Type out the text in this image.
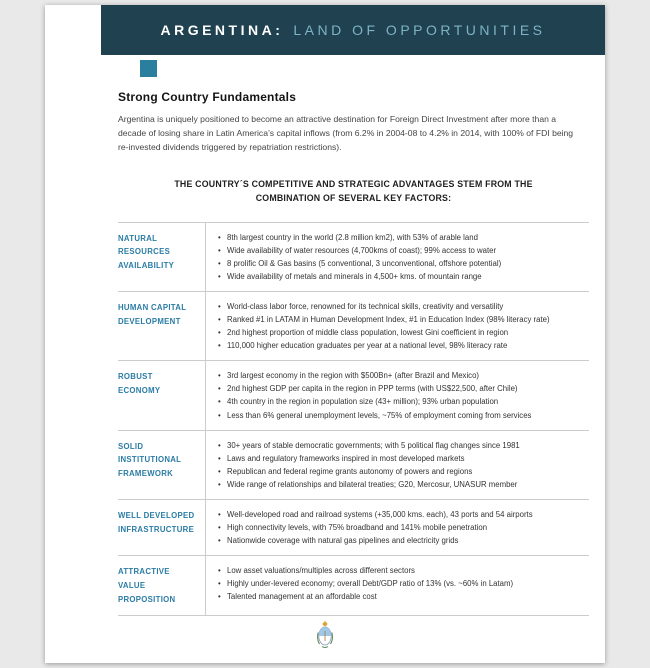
ARGENTINA: LAND OF OPPORTUNITIES
Strong Country Fundamentals
Argentina is uniquely positioned to become an attractive destination for Foreign Direct Investment after more than a decade of losing share in Latin America’s capital inflows (from 6.2% in 2004-08 to 4.2% in 2014, with 100% of FDI being re-invested dividends triggered by repatriation restrictions).
THE COUNTRY´S COMPETITIVE AND STRATEGIC ADVANTAGES STEM FROM THE
COMBINATION OF SEVERAL KEY FACTORS:
NATURAL RESOURCES AVAILABILITY
• 8th largest country in the world (2.8 million km2), with 53% of arable land
• Wide availability of water resources (4,700kms of coast); 99% access to water
• 8 prolific Oil & Gas basins (5 conventional, 3 unconventional, offshore potential)
• Wide availability of metals and minerals in 4,500+ kms. of mountain range
HUMAN CAPITAL DEVELOPMENT
• World-class labor force, renowned for its technical skills, creativity and versatility
• Ranked #1 in LATAM in Human Development Index, #1 in Education Index (98% literacy rate)
• 2nd highest proportion of middle class population, lowest Gini coefficient in region
• 110,000 higher education graduates per year at a national level, 98% literacy rate
ROBUST ECONOMY
• 3rd largest economy in the region with $500Bn+ (after Brazil and Mexico)
• 2nd highest GDP per capita in the region in PPP terms (with US$22,500, after Chile)
• 4th country in the region in population size (43+ million); 93% urban population
• Less than 6% general unemployment levels, ~75% of employment coming from services
SOLID INSTITUTIONAL FRAMEWORK
• 30+ years of stable democratic governments; with 5 political flag changes since 1981
• Laws and regulatory frameworks inspired in most developed markets
• Republican and federal regime grants autonomy of powers and regions
• Wide range of relationships and bilateral treaties; G20, Mercosur, UNASUR member
WELL DEVELOPED INFRASTRUCTURE
• Well-developed road and railroad systems (+35,000 kms. each), 43 ports and 54 airports
• High connectivity levels, with 75% broadband and 141% mobile penetration
• Nationwide coverage with natural gas pipelines and electricity grids
ATTRACTIVE VALUE PROPOSITION
• Low asset valuations/multiples across different sectors
• Highly under-levered economy; overall Debt/GDP ratio of 13% (vs. ~60% in Latam)
• Talented management at an affordable cost
